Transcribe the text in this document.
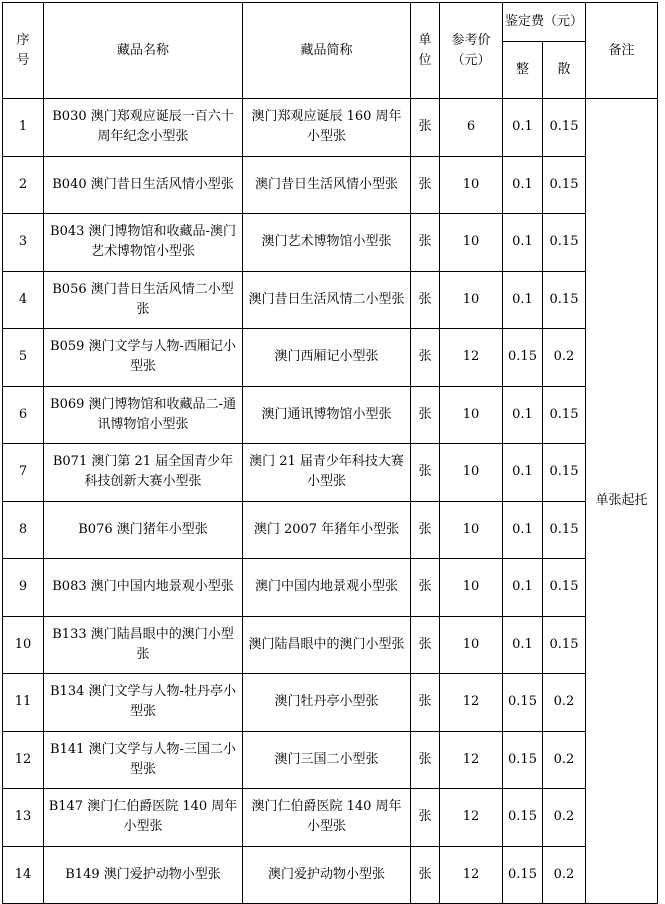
序号	藏品名称	藏品简称	单位	参考价（元）	鉴定费（元）		备注
					整	散	
1	B030 澳门郑观应诞辰一百六十周年纪念小型张	澳门郑观应诞辰 160 周年小型张	张	6	0.1	0.15	单张起托
2	B040 澳门昔日生活风情小型张	澳门昔日生活风情小型张	张	10	0.1	0.15	
3	B043 澳门博物馆和收藏品-澳门艺术博物馆小型张	澳门艺术博物馆小型张	张	10	0.1	0.15	
4	B056 澳门昔日生活风情二小型张	澳门昔日生活风情二小型张	张	10	0.1	0.15	
5	B059 澳门文学与人物-西厢记小型张	澳门西厢记小型张	张	12	0.15	0.2	
6	B069 澳门博物馆和收藏品二-通讯博物馆小型张	澳门通讯博物馆小型张	张	10	0.1	0.15	
7	B071 澳门第 21 届全国青少年科技创新大赛小型张	澳门 21 届青少年科技大赛小型张	张	10	0.1	0.15	
8	B076 澳门猪年小型张	澳门 2007 年猪年小型张	张	10	0.1	0.15	
9	B083 澳门中国内地景观小型张	澳门中国内地景观小型张	张	10	0.1	0.15	
10	B133 澳门陆昌眼中的澳门小型张	澳门陆昌眼中的澳门小型张	张	10	0.1	0.15	
11	B134 澳门文学与人物-牡丹亭小型张	澳门牡丹亭小型张	张	12	0.15	0.2	
12	B141 澳门文学与人物-三国二小型张	澳门三国二小型张	张	12	0.15	0.2	
13	B147 澳门仁伯爵医院 140 周年小型张	澳门仁伯爵医院 140 周年小型张	张	12	0.15	0.2	
14	B149 澳门爱护动物小型张	澳门爱护动物小型张	张	12	0.15	0.2	
